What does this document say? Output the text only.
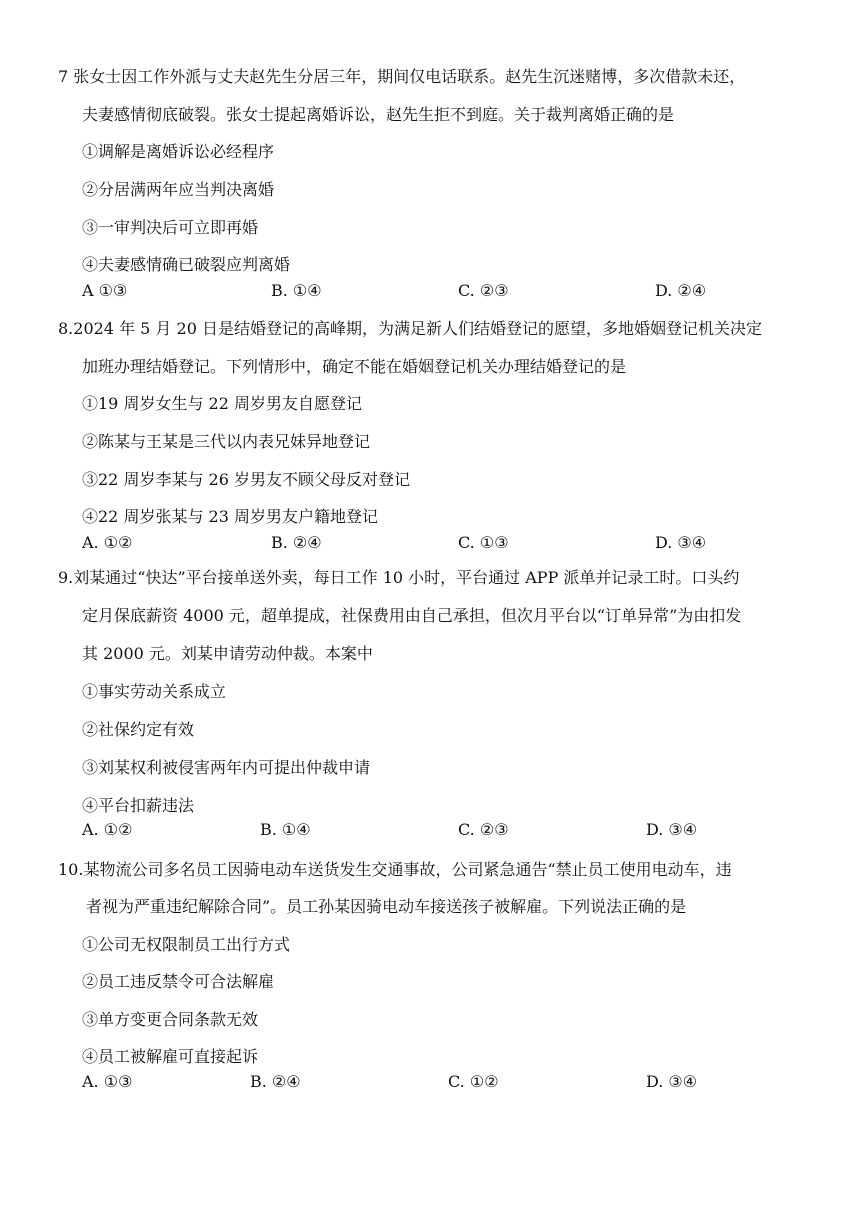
7 张女士因工作外派与丈夫赵先生分居三年，期间仅电话联系。赵先生沉迷赌博，多次借款未还，
夫妻感情彻底破裂。张女士提起离婚诉讼，赵先生拒不到庭。关于裁判离婚正确的是
①调解是离婚诉讼必经程序
②分居满两年应当判决离婚
③一审判决后可立即再婚
④夫妻感情确已破裂应判离婚
A ①③	B. ①④	C. ②③	D. ②④
8.2024 年 5 月 20 日是结婚登记的高峰期，为满足新人们结婚登记的愿望，多地婚姻登记机关决定
加班办理结婚登记。下列情形中，确定不能在婚姻登记机关办理结婚登记的是
①19 周岁女生与 22 周岁男友自愿登记
②陈某与王某是三代以内表兄妹异地登记
③22 周岁李某与 26 岁男友不顾父母反对登记
④22 周岁张某与 23 周岁男友户籍地登记
A. ①②	B. ②④	C. ①③	D. ③④
9.刘某通过“快达”平台接单送外卖，每日工作 10 小时，平台通过 APP 派单并记录工时。口头约
定月保底薪资 4000 元，超单提成，社保费用由自己承担，但次月平台以“订单异常”为由扣发
其 2000 元。刘某申请劳动仲裁。本案中
①事实劳动关系成立
②社保约定有效
③刘某权利被侵害两年内可提出仲裁申请
④平台扣薪违法
A. ①②	B. ①④	C. ②③	D. ③④
10.某物流公司多名员工因骑电动车送货发生交通事故，公司紧急通告“禁止员工使用电动车，违
者视为严重违纪解除合同”。员工孙某因骑电动车接送孩子被解雇。下列说法正确的是
①公司无权限制员工出行方式
②员工违反禁令可合法解雇
③单方变更合同条款无效
④员工被解雇可直接起诉
A. ①③	B. ②④	C. ①②	D. ③④
